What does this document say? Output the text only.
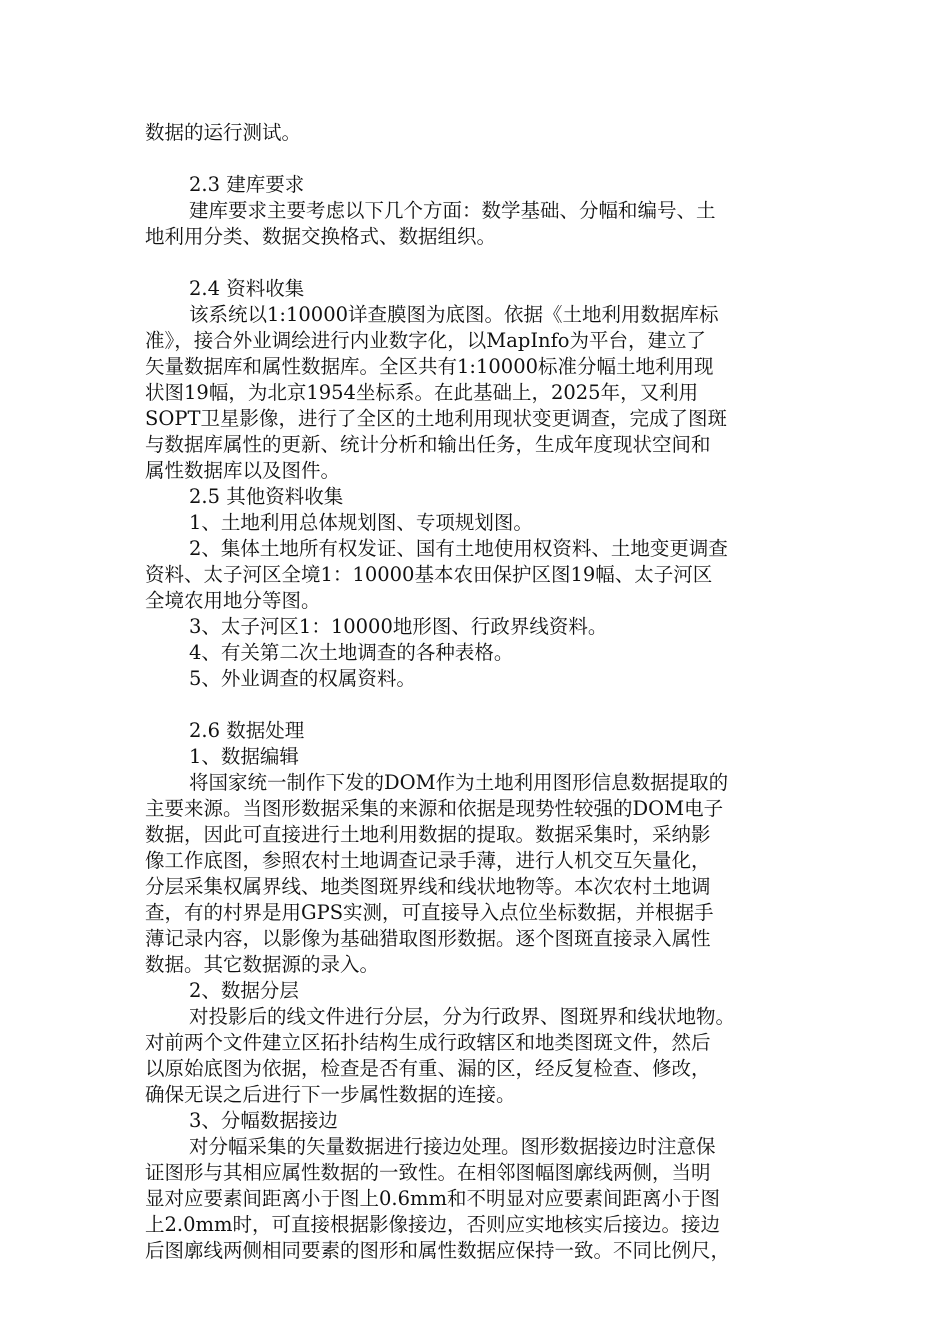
数据的运行测试。
2.3 建库要求
建库要求主要考虑以下几个方面：数学基础、分幅和编号、土
地利用分类、数据交换格式、数据组织。
2.4 资料收集
该系统以1:10000详查膜图为底图。依据《土地利用数据库标
准》，接合外业调绘进行内业数字化，以MapInfo为平台，建立了
矢量数据库和属性数据库。全区共有1:10000标准分幅土地利用现
状图19幅，为北京1954坐标系。在此基础上，2025年，又利用
SOPT卫星影像，进行了全区的土地利用现状变更调查，完成了图斑
与数据库属性的更新、统计分析和输出任务，生成年度现状空间和
属性数据库以及图件。
2.5 其他资料收集
1、土地利用总体规划图、专项规划图。
2、集体土地所有权发证、国有土地使用权资料、土地变更调查
资料、太子河区全境1：10000基本农田保护区图19幅、太子河区
全境农用地分等图。
3、太子河区1：10000地形图、行政界线资料。
4、有关第二次土地调查的各种表格。
5、外业调查的权属资料。
2.6 数据处理
1、数据编辑
将国家统一制作下发的DOM作为土地利用图形信息数据提取的
主要来源。当图形数据采集的来源和依据是现势性较强的DOM电子
数据，因此可直接进行土地利用数据的提取。数据采集时，采纳影
像工作底图，参照农村土地调查记录手薄，进行人机交互矢量化，
分层采集权属界线、地类图斑界线和线状地物等。本次农村土地调
查，有的村界是用GPS实测，可直接导入点位坐标数据，并根据手
薄记录内容，以影像为基础猎取图形数据。逐个图斑直接录入属性
数据。其它数据源的录入。
2、数据分层
对投影后的线文件进行分层，分为行政界、图斑界和线状地物。
对前两个文件建立区拓扑结构生成行政辖区和地类图斑文件，然后
以原始底图为依据，检查是否有重、漏的区，经反复检查、修改，
确保无误之后进行下一步属性数据的连接。
3、分幅数据接边
对分幅采集的矢量数据进行接边处理。图形数据接边时注意保
证图形与其相应属性数据的一致性。在相邻图幅图廓线两侧，当明
显对应要素间距离小于图上0.6mm和不明显对应要素间距离小于图
上2.0mm时，可直接根据影像接边，否则应实地核实后接边。接边
后图廓线两侧相同要素的图形和属性数据应保持一致。不同比例尺，
